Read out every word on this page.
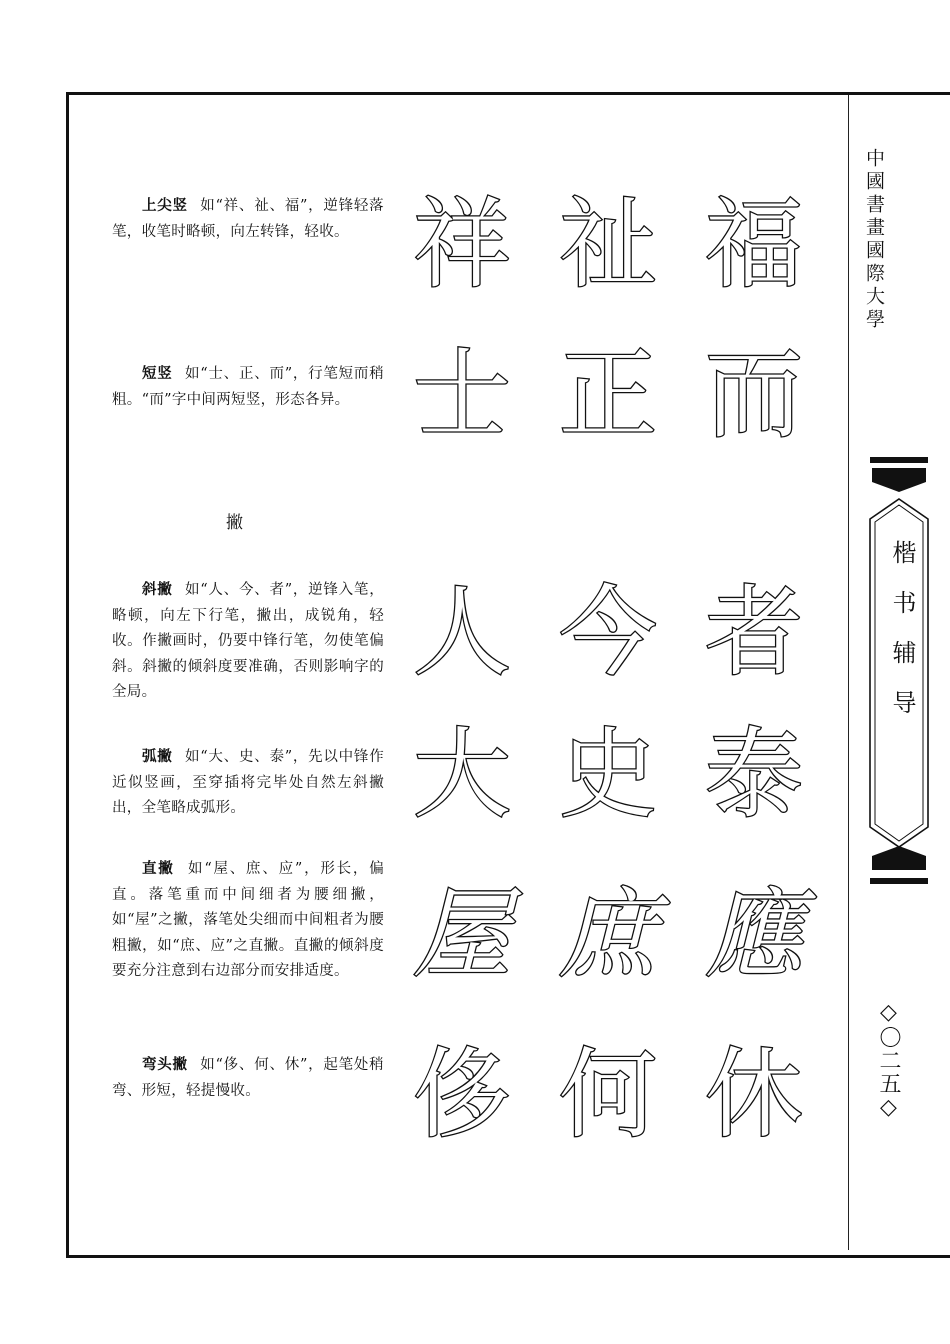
上尖竖 如“祥、祉、福”，逆锋轻落笔，收笔时略顿，向左转锋，轻收。
短竖 如“士、正、而”，行笔短而稍粗。“而”字中间两短竖，形态各异。
撇
斜撇 如“人、今、者”，逆锋入笔，略顿，向左下行笔，撇出，成锐角，轻收。作撇画时，仍要中锋行笔，勿使笔偏斜。斜撇的倾斜度要准确，否则影响字的全局。
弧撇 如“大、史、泰”，先以中锋作近似竖画，至穿插将完毕处自然左斜撇出，全笔略成弧形。
直撇 如“屋、庶、应”，形长，偏直。落笔重而中间细者为腰细撇，如“屋”之撇，落笔处尖细而中间粗者为腰粗撇，如“庶、应”之直撇。直撇的倾斜度要充分注意到右边部分而安排适度。
弯头撇 如“侈、何、休”，起笔处稍弯、形短，轻提慢收。
祥 祉 福
士 正 而
人 今 者
大 史 泰
屋 庶 應
侈 何 休
中國書畫國際大學
楷书辅导
◇〇二五◇
